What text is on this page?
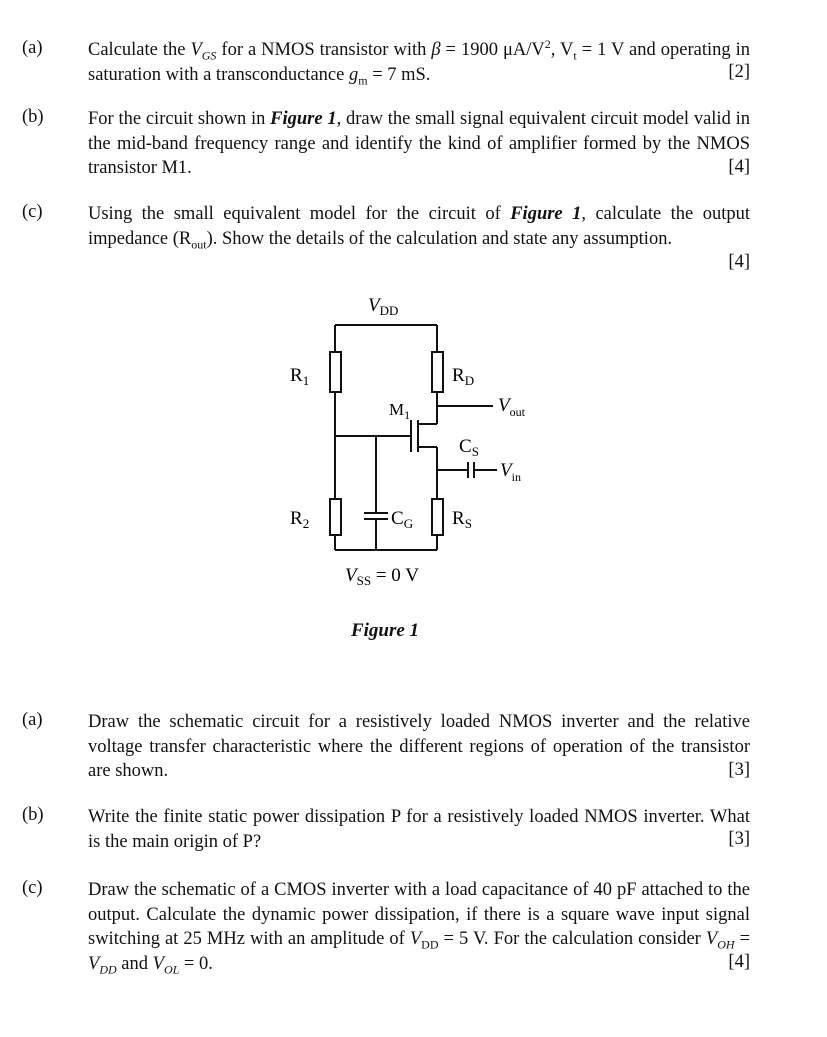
(a) Calculate the $V_{GS}$ for a NMOS transistor with β = 1900 $\mu A/V^2$, $V_t = 1$ V and operating in saturation with a transconductance $g_m = 7$ mS.	[2]
(b) For the circuit shown in Figure 1, draw the small signal equivalent circuit model valid in the mid-band frequency range and identify the kind of amplifier formed by the NMOS transistor M1.	[4]
(c) Using the small equivalent model for the circuit of Figure 1, calculate the output impedance $(R_{out})$. Show the details of the calculation and state any assumption.
[4]
$V_{DD}$
$R_1$	$R_D$
$M_1$	$V_{out}$
$C_S$
$V_{in}$
$R_2$	$C_G$ $R_S$
$V_{SS} = 0$ V
Figure 1
(a) Draw the schematic circuit for a resistively loaded NMOS inverter and the relative voltage transfer characteristic where the different regions of operation of the transistor are shown.	[3]
(b) Write the finite static power dissipation P for a resistively loaded NMOS inverter. What is the main origin of P?	[3]
(c) Draw the schematic of a CMOS inverter with a load capacitance of 40 pF attached to the output. Calculate the dynamic power dissipation, if there is a square wave input signal switching at 25 MHz with an amplitude of $V_{DD} = 5$ V. For the calculation consider $V_{OH} = V_{DD}$ and $V_{OL} = 0$.	[4]
